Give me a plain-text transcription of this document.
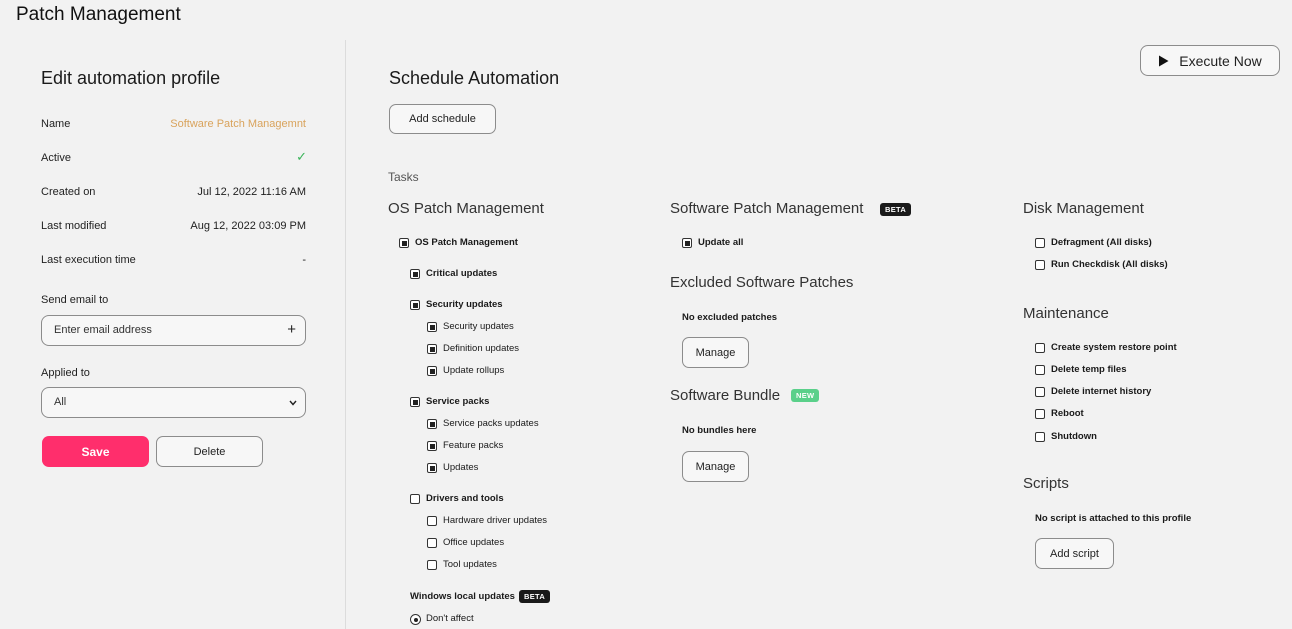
Patch Management
Execute Now
Edit automation profile
Name	Software Patch Managemnt
Active	✓
Created on	Jul 12, 2022 11:16 AM
Last modified	Aug 12, 2022 03:09 PM
Last execution time	-
Send email to
Enter email address	+
Applied to
All
Save	Delete
Schedule Automation
Add schedule
Tasks
OS Patch Management
OS Patch Management
Critical updates
Security updates
Security updates
Definition updates
Update rollups
Service packs
Service packs updates
Feature packs
Updates
Drivers and tools
Hardware driver updates
Office updates
Tool updates
Windows local updates	BETA
Don't affect
Software Patch Management	BETA
Update all
Excluded Software Patches
No excluded patches
Manage
Software Bundle	NEW
No bundles here
Manage
Disk Management
Defragment (All disks)
Run Checkdisk (All disks)
Maintenance
Create system restore point
Delete temp files
Delete internet history
Reboot
Shutdown
Scripts
No script is attached to this profile
Add script
